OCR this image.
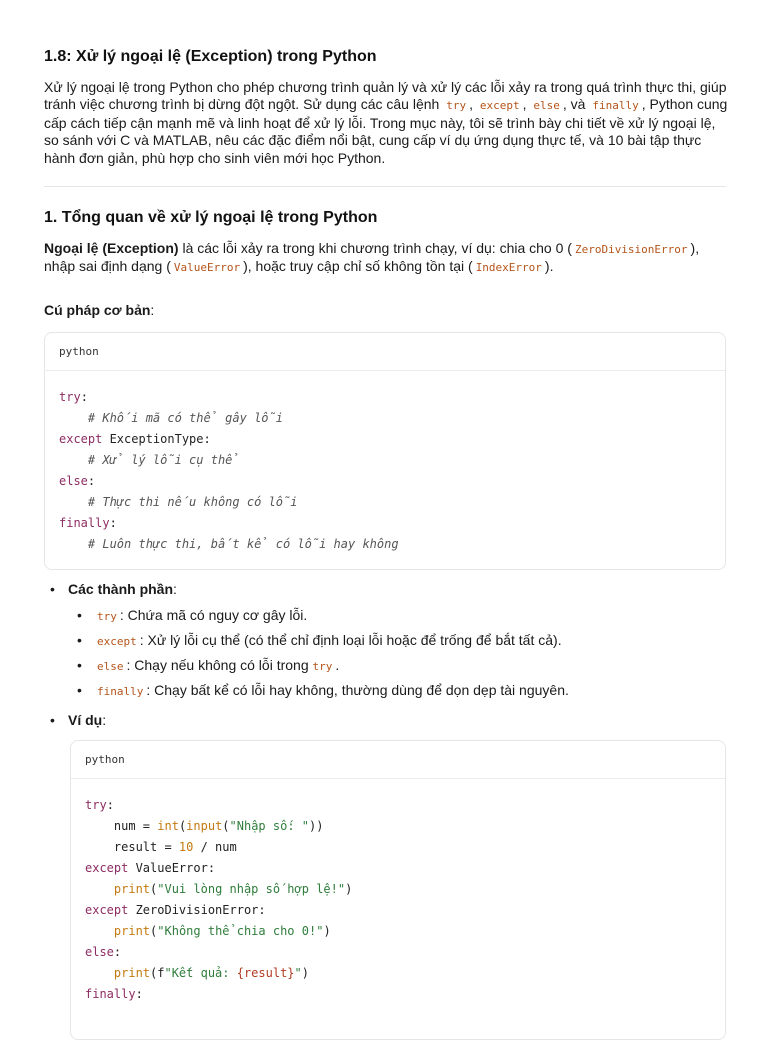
1.8: Xử lý ngoại lệ (Exception) trong Python

Xử lý ngoại lệ trong Python cho phép chương trình quản lý và xử lý các lỗi xảy ra trong quá trình thực thi, giúp tránh việc chương trình bị dừng đột ngột. Sử dụng các câu lệnh try , except , else , và finally , Python cung cấp cách tiếp cận mạnh mẽ và linh hoạt để xử lý lỗi. Trong mục này, tôi sẽ trình bày chi tiết về xử lý ngoại lệ, so sánh với C và MATLAB, nêu các đặc điểm nổi bật, cung cấp ví dụ ứng dụng thực tế, và 10 bài tập thực hành đơn giản, phù hợp cho sinh viên mới học Python.

1. Tổng quan về xử lý ngoại lệ trong Python

Ngoại lệ (Exception) là các lỗi xảy ra trong khi chương trình chạy, ví dụ: chia cho 0 ( ZeroDivisionError ), nhập sai định dạng ( ValueError ), hoặc truy cập chỉ số không tồn tại ( IndexError ).

Cú pháp cơ bản:

python
try:
# Khối mã có thể gây lỗi
except ExceptionType:
# Xử lý lỗi cụ thể
else:
# Thực thi nếu không có lỗi
finally:
# Luôn thực thi, bất kể có lỗi hay không
• Các thành phần:
• try : Chứa mã có nguy cơ gây lỗi.
• except : Xử lý lỗi cụ thể (có thể chỉ định loại lỗi hoặc để trống để bắt tất cả).
• else : Chạy nếu không có lỗi trong try .
• finally : Chạy bất kể có lỗi hay không, thường dùng để dọn dẹp tài nguyên.
• Ví dụ:
python
try:
num = int(input("Nhập số: "))
result = 10 / num
except ValueError:
print("Vui lòng nhập số hợp lệ!")
except ZeroDivisionError:
print("Không thể chia cho 0!")
else:
print(f"Kết quả: {result}")
finally:
